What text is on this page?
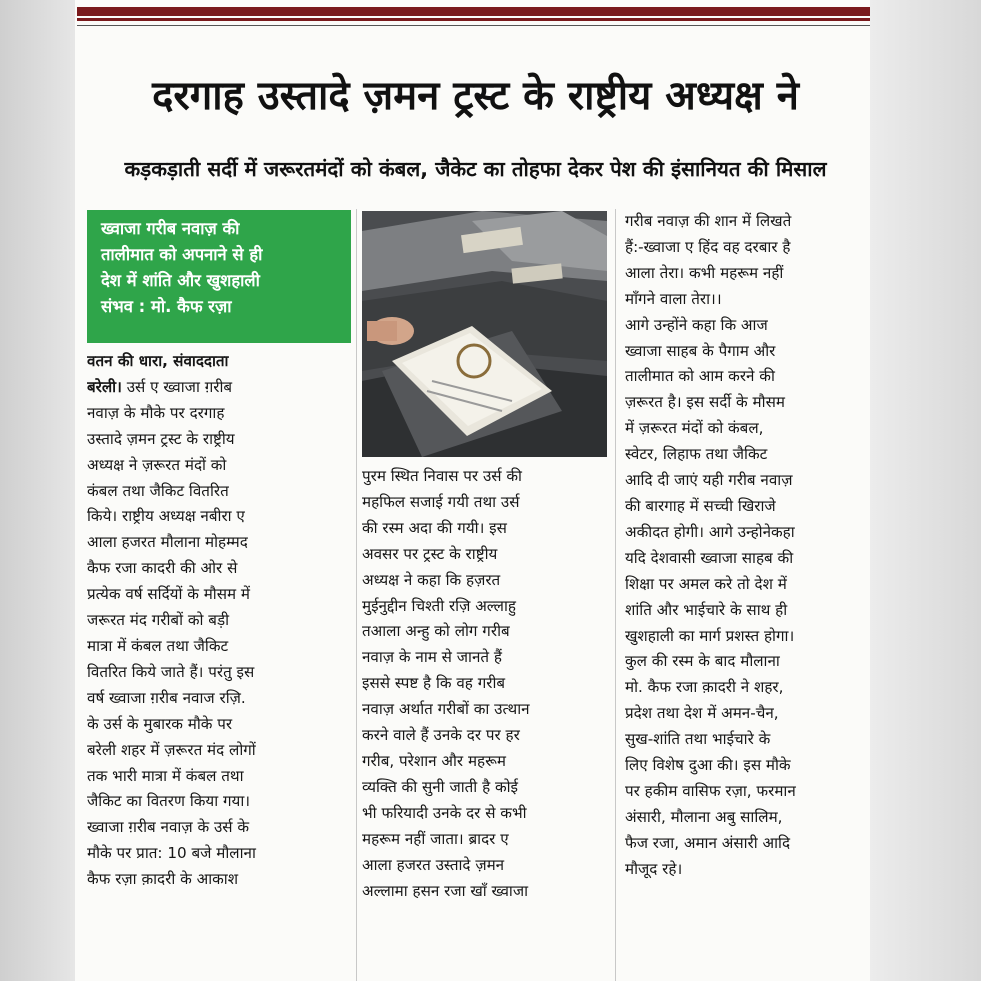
दरगाह उस्तादे ज़मन ट्रस्ट के राष्ट्रीय अध्यक्ष ने
कड़कड़ाती सर्दी में जरूरतमंदों को कंबल, जैकेट का तोहफा देकर पेश की इंसानियत की मिसाल
ख्वाजा गरीब नवाज़ की
तालीमात को अपनाने से ही
देश में शांति और खुशहाली
संभव : मो. कैफ रज़ा
वतन की धारा, संवाददाता
बरेली। उर्स ए ख्वाजा ग़रीब
नवाज़ के मौके पर दरगाह
उस्तादे ज़मन ट्रस्ट के राष्ट्रीय
अध्यक्ष ने ज़रूरत मंदों को
कंबल तथा जैकिट वितरित
किये। राष्ट्रीय अध्यक्ष नबीरा ए
आला हजरत मौलाना मोहम्मद
कैफ रजा कादरी की ओर से
प्रत्येक वर्ष सर्दियों के मौसम में
जरूरत मंद गरीबों को बड़ी
मात्रा में कंबल तथा जैकिट
वितरित किये जाते हैं। परंतु इस
वर्ष ख्वाजा ग़रीब नवाज रज़ि.
के उर्स के मुबारक मौके पर
बरेली शहर में ज़रूरत मंद लोगों
तक भारी मात्रा में कंबल तथा
जैकिट का वितरण किया गया।
ख्वाजा ग़रीब नवाज़ के उर्स के
मौके पर प्रात: 10 बजे मौलाना
कैफ रज़ा क़ादरी के आकाश
पुरम स्थित निवास पर उर्स की
महफिल सजाई गयी तथा उर्स
की रस्म अदा की गयी। इस
अवसर पर ट्रस्ट के राष्ट्रीय
अध्यक्ष ने कहा कि हज़रत
मुईनुद्दीन चिश्ती रज़ि अल्लाहु
तआला अन्हु को लोग गरीब
नवाज़ के नाम से जानते हैं
इससे स्पष्ट है कि वह गरीब
नवाज़ अर्थात गरीबों का उत्थान
करने वाले हैं उनके दर पर हर
गरीब, परेशान और महरूम
व्यक्ति की सुनी जाती है कोई
भी फरियादी उनके दर से कभी
महरूम नहीं जाता। ब्रादर ए
आला हजरत उस्तादे ज़मन
अल्लामा हसन रजा खाँ ख्वाजा
गरीब नवाज़ की शान में लिखते
हैं:-ख्वाजा ए हिंद वह दरबार है
आला तेरा। कभी महरूम नहीं
माँगने वाला तेरा।।
आगे उन्होंने कहा कि आज
ख्वाजा साहब के पैगाम और
तालीमात को आम करने की
ज़रूरत है। इस सर्दी के मौसम
में ज़रूरत मंदों को कंबल,
स्वेटर, लिहाफ तथा जैकिट
आदि दी जाएं यही गरीब नवाज़
की बारगाह में सच्ची खिराजे
अकीदत होगी। आगे उन्होनेकहा
यदि देशवासी ख्वाजा साहब की
शिक्षा पर अमल करे तो देश में
शांति और भाईचारे के साथ ही
खुशहाली का मार्ग प्रशस्त होगा।
कुल की रस्म के बाद मौलाना
मो. कैफ रजा क़ादरी ने शहर,
प्रदेश तथा देश में अमन-चैन,
सुख-शांति तथा भाईचारे के
लिए विशेष दुआ की। इस मौके
पर हकीम वासिफ रज़ा, फरमान
अंसारी, मौलाना अबु सालिम,
फैज रजा, अमान अंसारी आदि
मौजूद रहे।
